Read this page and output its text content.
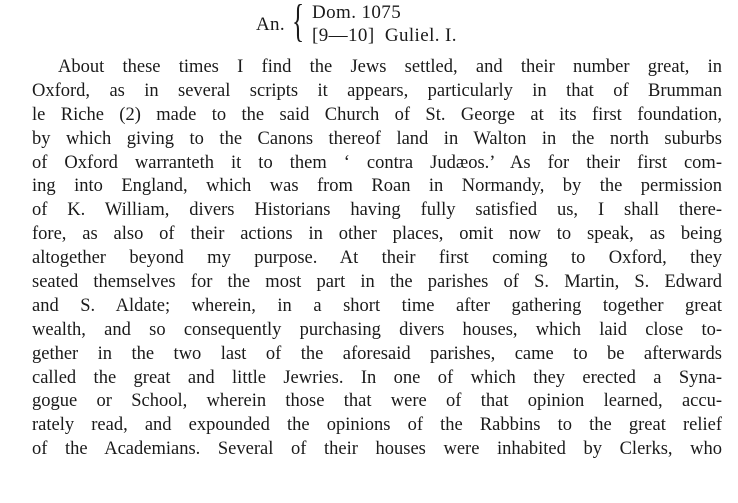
An. { Dom. 1075
[9—10]  Guliel. I.
About these times I find the Jews settled, and their number great, in
Oxford, as in several scripts it appears, particularly in that of Brumman
le Riche (2) made to the said Church of St. George at its first foundation,
by which giving to the Canons thereof land in Walton in the north suburbs
of Oxford warranteth it to them ‘ contra Judæos.’ As for their first com-
ing into England, which was from Roan in Normandy, by the permission
of K. William, divers Historians having fully satisfied us, I shall there-
fore, as also of their actions in other places, omit now to speak, as being
altogether beyond my purpose. At their first coming to Oxford, they
seated themselves for the most part in the parishes of S. Martin, S. Edward
and S. Aldate; wherein, in a short time after gathering together great
wealth, and so consequently purchasing divers houses, which laid close to-
gether in the two last of the aforesaid parishes, came to be afterwards
called the great and little Jewries. In one of which they erected a Syna-
gogue or School, wherein those that were of that opinion learned, accu-
rately read, and expounded the opinions of the Rabbins to the great relief
of the Academians. Several of their houses were inhabited by Clerks, who
